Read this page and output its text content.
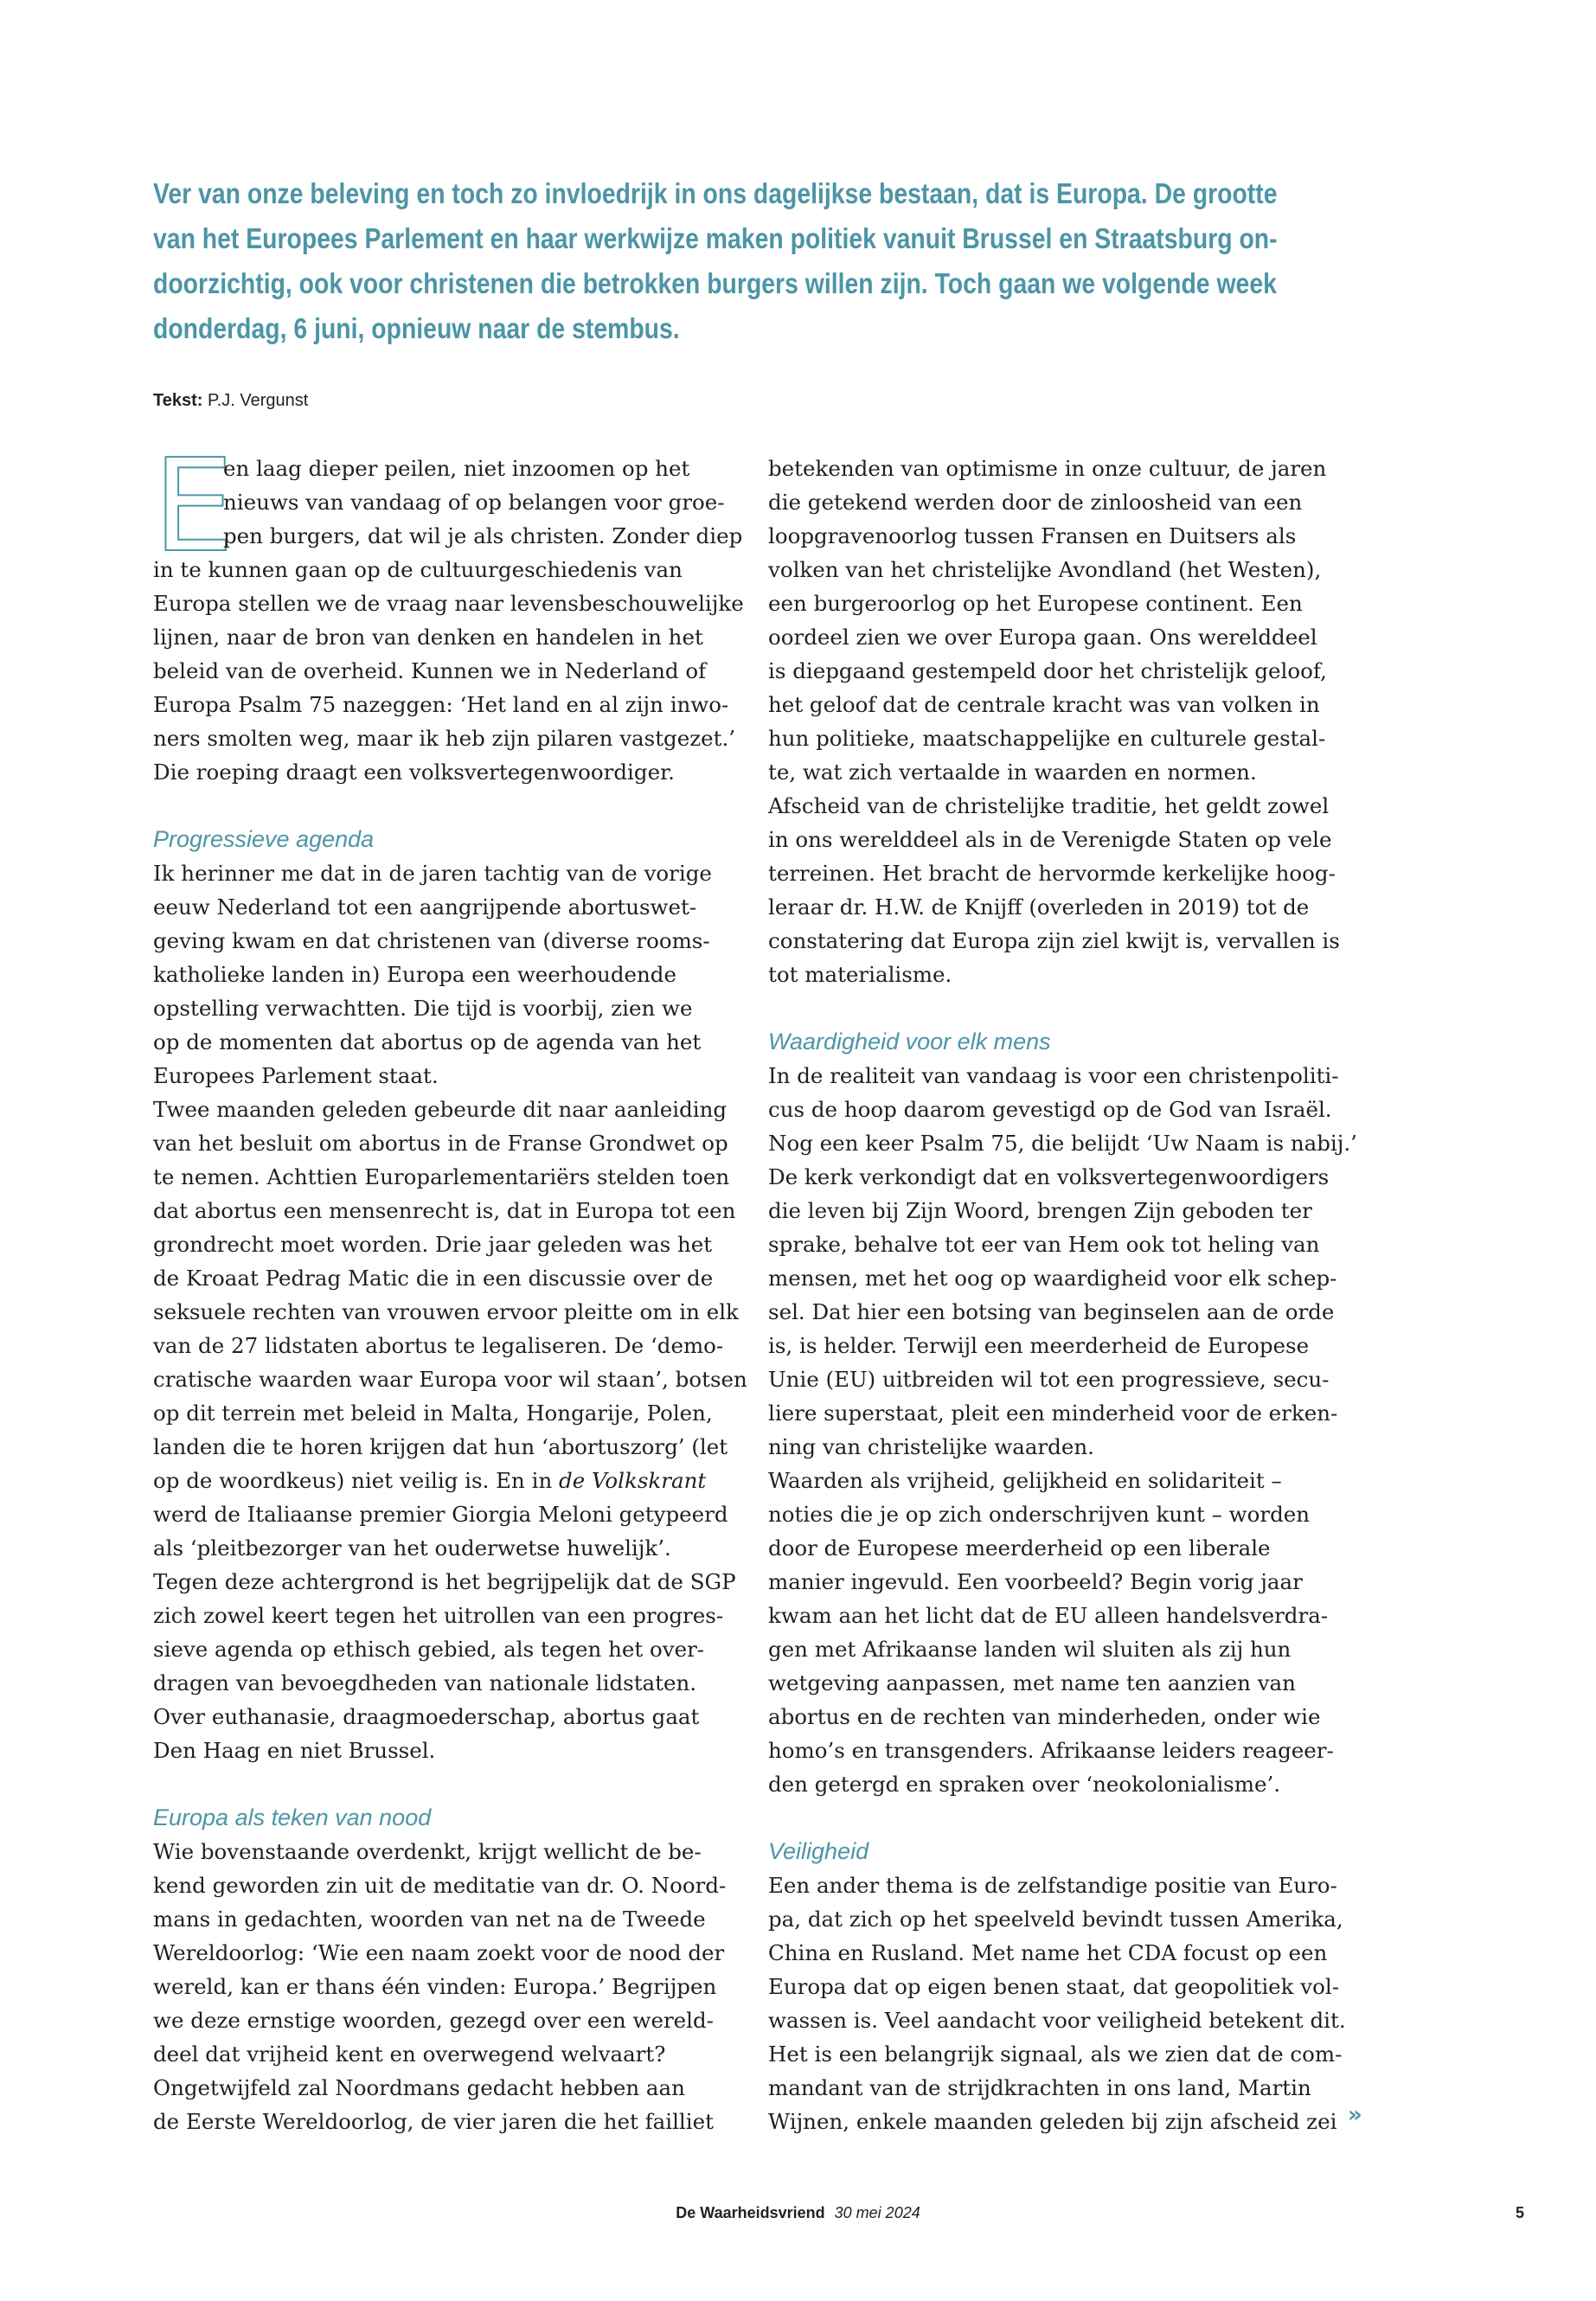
Ver van onze beleving en toch zo invloedrijk in ons dagelijkse bestaan, dat is Europa. De grootte
van het Europees Parlement en haar werkwijze maken politiek vanuit Brussel en Straatsburg on-
doorzichtig, ook voor christenen die betrokken burgers willen zijn. Toch gaan we volgende week
donderdag, 6 juni, opnieuw naar de stembus.
Tekst: P.J. Vergunst
E
en laag dieper peilen, niet inzoomen op het
nieuws van vandaag of op belangen voor groe-
pen burgers, dat wil je als christen. Zonder diep
in te kunnen gaan op de cultuurgeschiedenis van
Europa stellen we de vraag naar levensbeschouwelijke
lijnen, naar de bron van denken en handelen in het
beleid van de overheid. Kunnen we in Nederland of
Europa Psalm 75 nazeggen: ‘Het land en al zijn inwo-
ners smolten weg, maar ik heb zijn pilaren vastgezet.’
Die roeping draagt een volksvertegenwoordiger.
Progressieve agenda
Ik herinner me dat in de jaren tachtig van de vorige
eeuw Nederland tot een aangrijpende abortuswet-
geving kwam en dat christenen van (diverse rooms-
katholieke landen in) Europa een weerhoudende
opstelling verwachtten. Die tijd is voorbij, zien we
op de momenten dat abortus op de agenda van het
Europees Parlement staat.
Twee maanden geleden gebeurde dit naar aanleiding
van het besluit om abortus in de Franse Grondwet op
te nemen. Achttien Europarlementariërs stelden toen
dat abortus een mensenrecht is, dat in Europa tot een
grondrecht moet worden. Drie jaar geleden was het
de Kroaat Pedrag Matic die in een discussie over de
seksuele rechten van vrouwen ervoor pleitte om in elk
van de 27 lidstaten abortus te legaliseren. De ‘demo-
cratische waarden waar Europa voor wil staan’, botsen
op dit terrein met beleid in Malta, Hongarije, Polen,
landen die te horen krijgen dat hun ‘abortuszorg’ (let
op de woordkeus) niet veilig is. En in de Volkskrant
werd de Italiaanse premier Giorgia Meloni getypeerd
als ‘pleitbezorger van het ouderwetse huwelijk’.
Tegen deze achtergrond is het begrijpelijk dat de SGP
zich zowel keert tegen het uitrollen van een progres-
sieve agenda op ethisch gebied, als tegen het over-
dragen van bevoegdheden van nationale lidstaten.
Over euthanasie, draagmoederschap, abortus gaat
Den Haag en niet Brussel.
Europa als teken van nood
Wie bovenstaande overdenkt, krijgt wellicht de be-
kend geworden zin uit de meditatie van dr. O. Noord-
mans in gedachten, woorden van net na de Tweede
Wereldoorlog: ‘Wie een naam zoekt voor de nood der
wereld, kan er thans één vinden: Europa.’ Begrijpen
we deze ernstige woorden, gezegd over een wereld-
deel dat vrijheid kent en overwegend welvaart?
Ongetwijfeld zal Noordmans gedacht hebben aan
de Eerste Wereldoorlog, de vier jaren die het failliet
betekenden van optimisme in onze cultuur, de jaren
die getekend werden door de zinloosheid van een
loopgravenoorlog tussen Fransen en Duitsers als
volken van het christelijke Avondland (het Westen),
een burgeroorlog op het Europese continent. Een
oordeel zien we over Europa gaan. Ons werelddeel
is diepgaand gestempeld door het christelijk geloof,
het geloof dat de centrale kracht was van volken in
hun politieke, maatschappelijke en culturele gestal-
te, wat zich vertaalde in waarden en normen.
Afscheid van de christelijke traditie, het geldt zowel
in ons werelddeel als in de Verenigde Staten op vele
terreinen. Het bracht de hervormde kerkelijke hoog-
leraar dr. H.W. de Knijff (overleden in 2019) tot de
constatering dat Europa zijn ziel kwijt is, vervallen is
tot materialisme.
Waardigheid voor elk mens
In de realiteit van vandaag is voor een christenpoliti-
cus de hoop daarom gevestigd op de God van Israël.
Nog een keer Psalm 75, die belijdt ‘Uw Naam is nabij.’
De kerk verkondigt dat en volksvertegenwoordigers
die leven bij Zijn Woord, brengen Zijn geboden ter
sprake, behalve tot eer van Hem ook tot heling van
mensen, met het oog op waardigheid voor elk schep-
sel. Dat hier een botsing van beginselen aan de orde
is, is helder. Terwijl een meerderheid de Europese
Unie (EU) uitbreiden wil tot een progressieve, secu-
liere superstaat, pleit een minderheid voor de erken-
ning van christelijke waarden.
Waarden als vrijheid, gelijkheid en solidariteit –
noties die je op zich onderschrijven kunt – worden
door de Europese meerderheid op een liberale
manier ingevuld. Een voorbeeld? Begin vorig jaar
kwam aan het licht dat de EU alleen handelsverdra-
gen met Afrikaanse landen wil sluiten als zij hun
wetgeving aanpassen, met name ten aanzien van
abortus en de rechten van minderheden, onder wie
homo’s en transgenders. Afrikaanse leiders reageer-
den getergd en spraken over ‘neokolonialisme’.
Veiligheid
Een ander thema is de zelfstandige positie van Euro-
pa, dat zich op het speelveld bevindt tussen Amerika,
China en Rusland. Met name het CDA focust op een
Europa dat op eigen benen staat, dat geopolitiek vol-
wassen is. Veel aandacht voor veiligheid betekent dit.
Het is een belangrijk signaal, als we zien dat de com-
mandant van de strijdkrachten in ons land, Martin
Wijnen, enkele maanden geleden bij zijn afscheid zei »
De Waarheidsvriend 30 mei 2024	5
